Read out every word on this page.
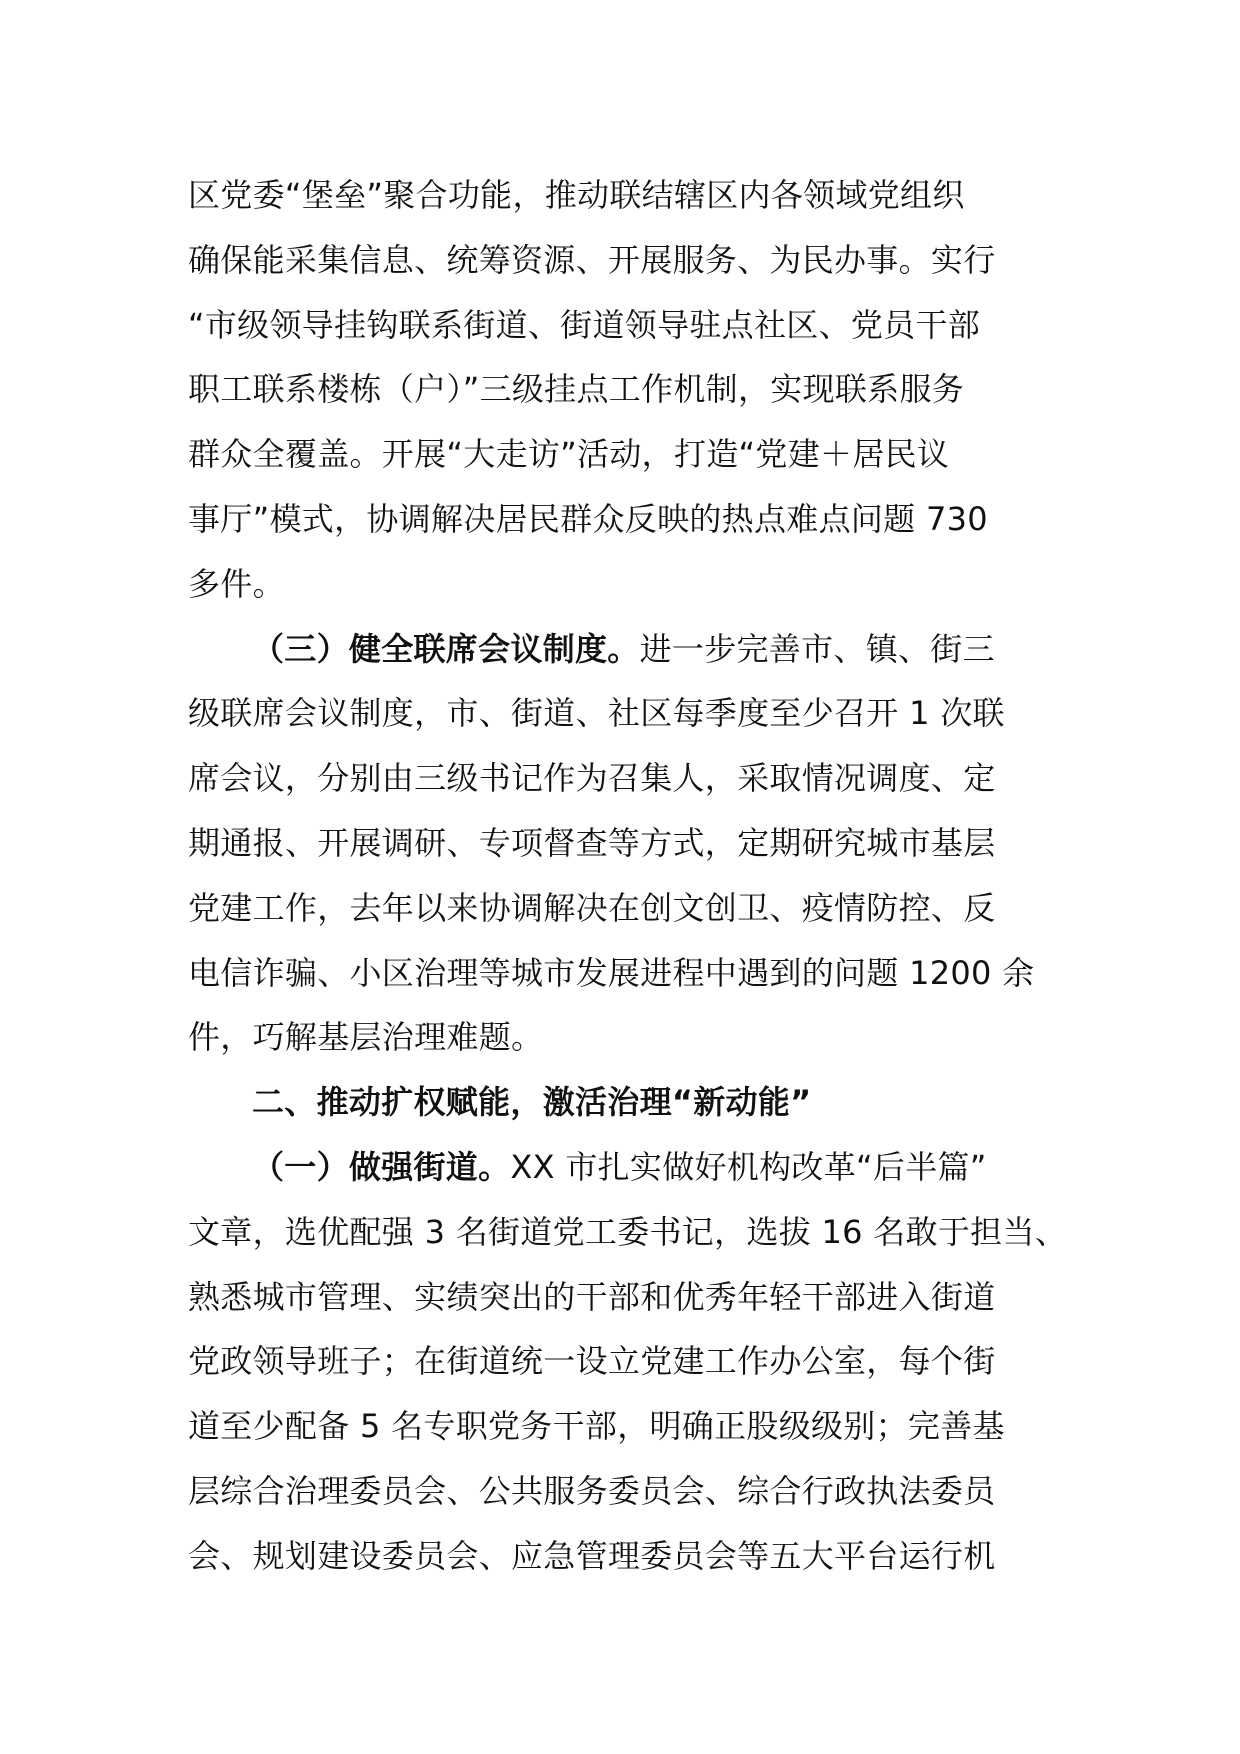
区党委“堡垒”聚合功能，推动联结辖区内各领域党组织
确保能采集信息、统筹资源、开展服务、为民办事。实行
“市级领导挂钩联系街道、街道领导驻点社区、党员干部
职工联系楼栋（户）”三级挂点工作机制，实现联系服务
群众全覆盖。开展“大走访”活动，打造“党建＋居民议
事厅”模式，协调解决居民群众反映的热点难点问题 730
多件。
（三）健全联席会议制度。进一步完善市、镇、街三
级联席会议制度，市、街道、社区每季度至少召开 1 次联
席会议，分别由三级书记作为召集人，采取情况调度、定
期通报、开展调研、专项督查等方式，定期研究城市基层
党建工作，去年以来协调解决在创文创卫、疫情防控、反
电信诈骗、小区治理等城市发展进程中遇到的问题 1200 余
件，巧解基层治理难题。
二、推动扩权赋能，激活治理“新动能”
（一）做强街道。XX 市扎实做好机构改革“后半篇”
文章，选优配强 3 名街道党工委书记，选拔 16 名敢于担当、
熟悉城市管理、实绩突出的干部和优秀年轻干部进入街道
党政领导班子；在街道统一设立党建工作办公室，每个街
道至少配备 5 名专职党务干部，明确正股级级别；完善基
层综合治理委员会、公共服务委员会、综合行政执法委员
会、规划建设委员会、应急管理委员会等五大平台运行机
